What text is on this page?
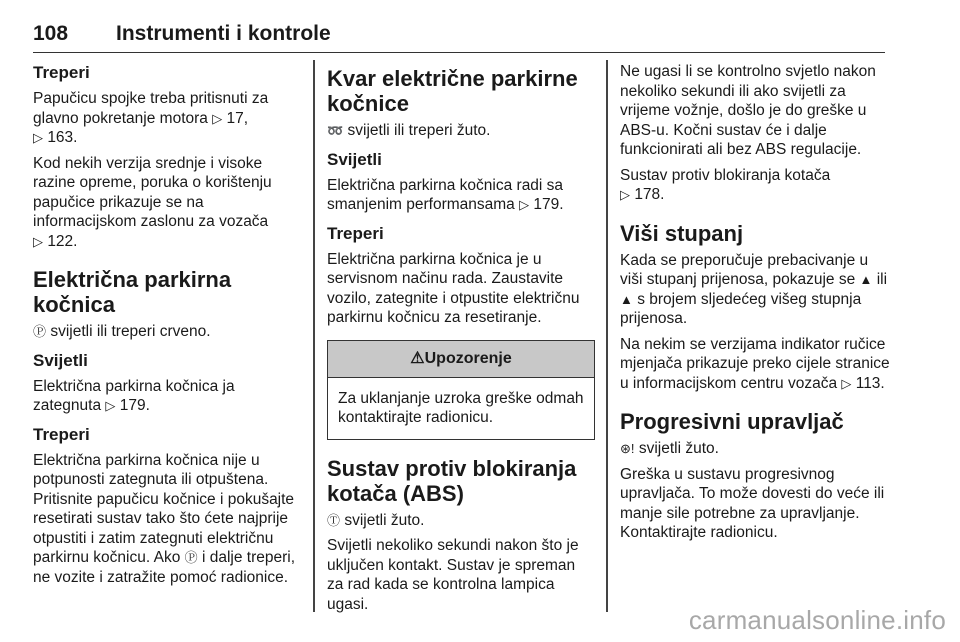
108 Instrumenti i kontrole
Treperi

Papučicu spojke treba pritisnuti za glavno pokretanje motora ▷ 17,
▷ 163.

Kod nekih verzija srednje i visoke razine opreme, poruka o korištenju papučice prikazuje se na informacijskom zaslonu za vozača
▷ 122.

Električna parkirna kočnica

Ⓟ svijetli ili treperi crveno.

Svijetli

Električna parkirna kočnica ja zategnuta ▷ 179.

Treperi

Električna parkirna kočnica nije u potpunosti zategnuta ili otpuštena. Pritisnite papučicu kočnice i pokušajte resetirati sustav tako što ćete najprije otpustiti i zatim zategnuti električnu parkirnu kočnicu. Ako Ⓟ i dalje treperi, ne vozite i zatražite pomoć radionice.

Kvar električne parkirne kočnice

➿ svijetli ili treperi žuto.

Svijetli

Električna parkirna kočnica radi sa smanjenim performansama ▷ 179.

Treperi

Električna parkirna kočnica je u servisnom načinu rada. Zaustavite vozilo, zategnite i otpustite električnu parkirnu kočnicu za resetiranje.

⚠Upozorenje
Za uklanjanje uzroka greške odmah kontaktirajte radionicu.
Sustav protiv blokiranja kotača (ABS)

Ⓣ svijetli žuto.

Svijetli nekoliko sekundi nakon što je uključen kontakt. Sustav je spreman za rad kada se kontrolna lampica ugasi.

Ne ugasi li se kontrolno svjetlo nakon nekoliko sekundi ili ako svijetli za vrijeme vožnje, došlo je do greške u ABS-u. Kočni sustav će i dalje funkcionirati ali bez ABS regulacije.

Sustav protiv blokiranja kotača
▷ 178.

Viši stupanj

Kada se preporučuje prebacivanje u viši stupanj prijenosa, pokazuje se ▲ ili ▲ s brojem sljedećeg višeg stupnja prijenosa.

Na nekim se verzijama indikator ručice mjenjača prikazuje preko cijele stranice u informacijskom centru vozača ▷ 113.

Progresivni upravljač

⊛! svijetli žuto.

Greška u sustavu progresivnog upravljača. To može dovesti do veće ili manje sile potrebne za upravljanje. Kontaktirajte radionicu.

carmanualsonline.info
